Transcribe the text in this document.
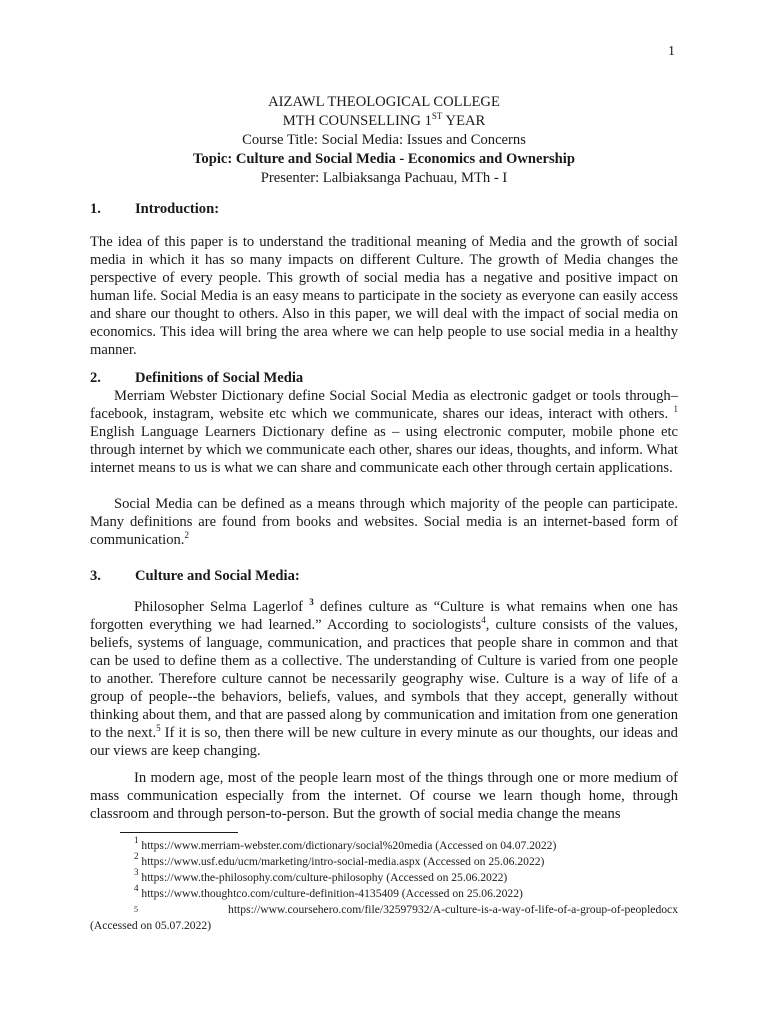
1
AIZAWL THEOLOGICAL COLLEGE
MTH COUNSELLING 1ST YEAR
Course Title: Social Media: Issues and Concerns
Topic: Culture and Social Media - Economics and Ownership
Presenter: Lalbiaksanga Pachuau, MTh - I
1. Introduction:

The idea of this paper is to understand the traditional meaning of Media and the growth of social media in which it has so many impacts on different Culture. The growth of Media changes the perspective of every people. This growth of social media has a negative and positive impact on human life. Social Media is an easy means to participate in the society as everyone can easily access and share our thought to others. Also in this paper, we will deal with the impact of social media on economics. This idea will bring the area where we can help people to use social media in a healthy manner.

2. Definitions of Social Media

Merriam Webster Dictionary define Social Social Media as electronic gadget or tools through– facebook, instagram, website etc which we communicate, shares our ideas, interact with others. $^1$ English Language Learners Dictionary define as – using electronic computer, mobile phone etc through internet by which we communicate each other, shares our ideas, thoughts, and inform. What internet means to us is what we can share and communicate each other through certain applications.

Social Media can be defined as a means through which majority of the people can participate. Many definitions are found from books and websites. Social media is an internet-based form of communication.$^2$

3. Culture and Social Media:

Philosopher Selma Lagerlof $^3$ defines culture as “Culture is what remains when one has forgotten everything we had learned.” According to sociologists$^4$, culture consists of the values, beliefs, systems of language, communication, and practices that people share in common and that can be used to define them as a collective. The understanding of Culture is varied from one people to another. Therefore culture cannot be necessarily geography wise. Culture is a way of life of a group of people--the behaviors, beliefs, values, and symbols that they accept, generally without thinking about them, and that are passed along by communication and imitation from one generation to the next.$^5$ If it is so, then there will be new culture in every minute as our thoughts, our ideas and our views are keep changing.

In modern age, most of the people learn most of the things through one or more medium of mass communication especially from the internet. Of course we learn though home, through classroom and through person-to-person. But the growth of social media change the means

$^1$ https://www.merriam-webster.com/dictionary/social%20media (Accessed on 04.07.2022)
$^2$ https://www.usf.edu/ucm/marketing/intro-social-media.aspx (Accessed on 25.06.2022)
$^3$ https://www.the-philosophy.com/culture-philosophy (Accessed on 25.06.2022)
$^4$ https://www.thoughtco.com/culture-definition-4135409 (Accessed on 25.06.2022)
5	https://www.coursehero.com/file/32597932/A-culture-is-a-way-of-life-of-a-group-of-peopledocx
(Accessed on 05.07.2022)
